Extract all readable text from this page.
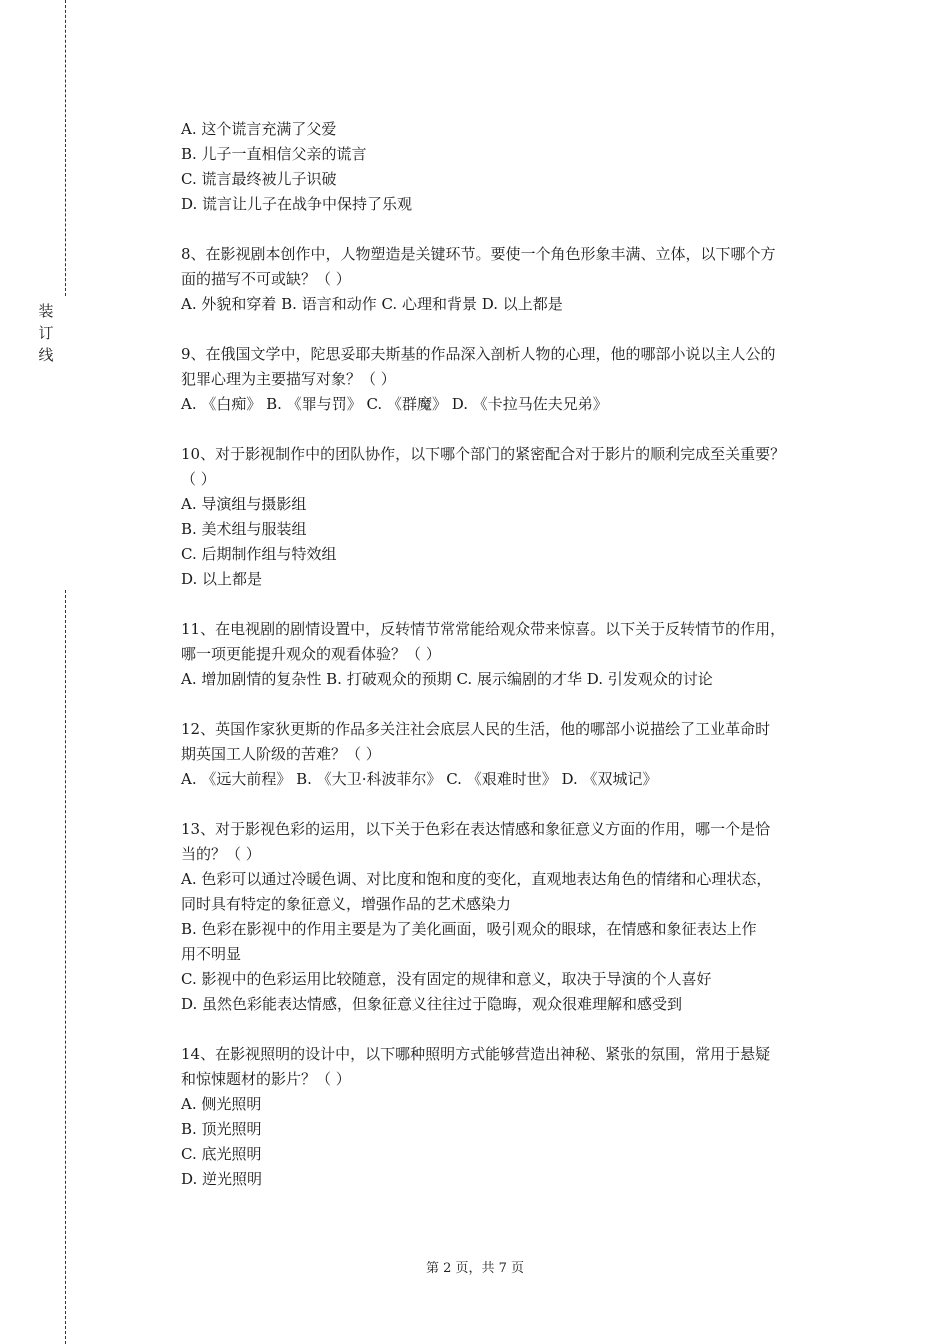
装
订
线
A. 这个谎言充满了父爱
B. 儿子一直相信父亲的谎言
C. 谎言最终被儿子识破
D. 谎言让儿子在战争中保持了乐观
8、在影视剧本创作中，人物塑造是关键环节。要使一个角色形象丰满、立体，以下哪个方
面的描写不可或缺？（ ）
A. 外貌和穿着 B. 语言和动作 C. 心理和背景 D. 以上都是
9、在俄国文学中，陀思妥耶夫斯基的作品深入剖析人物的心理，他的哪部小说以主人公的
犯罪心理为主要描写对象？（ ）
A. 《白痴》 B. 《罪与罚》 C. 《群魔》 D. 《卡拉马佐夫兄弟》
10、对于影视制作中的团队协作，以下哪个部门的紧密配合对于影片的顺利完成至关重要？
（ ）
A. 导演组与摄影组
B. 美术组与服装组
C. 后期制作组与特效组
D. 以上都是
11、在电视剧的剧情设置中，反转情节常常能给观众带来惊喜。以下关于反转情节的作用，
哪一项更能提升观众的观看体验？（ ）
A. 增加剧情的复杂性 B. 打破观众的预期 C. 展示编剧的才华 D. 引发观众的讨论
12、英国作家狄更斯的作品多关注社会底层人民的生活，他的哪部小说描绘了工业革命时
期英国工人阶级的苦难？（ ）
A. 《远大前程》 B. 《大卫·科波菲尔》 C. 《艰难时世》 D. 《双城记》
13、对于影视色彩的运用，以下关于色彩在表达情感和象征意义方面的作用，哪一个是恰
当的？（ ）
A. 色彩可以通过冷暖色调、对比度和饱和度的变化，直观地表达角色的情绪和心理状态，
同时具有特定的象征意义，增强作品的艺术感染力
B. 色彩在影视中的作用主要是为了美化画面，吸引观众的眼球，在情感和象征表达上作
用不明显
C. 影视中的色彩运用比较随意，没有固定的规律和意义，取决于导演的个人喜好
D. 虽然色彩能表达情感，但象征意义往往过于隐晦，观众很难理解和感受到
14、在影视照明的设计中，以下哪种照明方式能够营造出神秘、紧张的氛围，常用于悬疑
和惊悚题材的影片？（ ）
A. 侧光照明
B. 顶光照明
C. 底光照明
D. 逆光照明
第 2 页，共 7 页
